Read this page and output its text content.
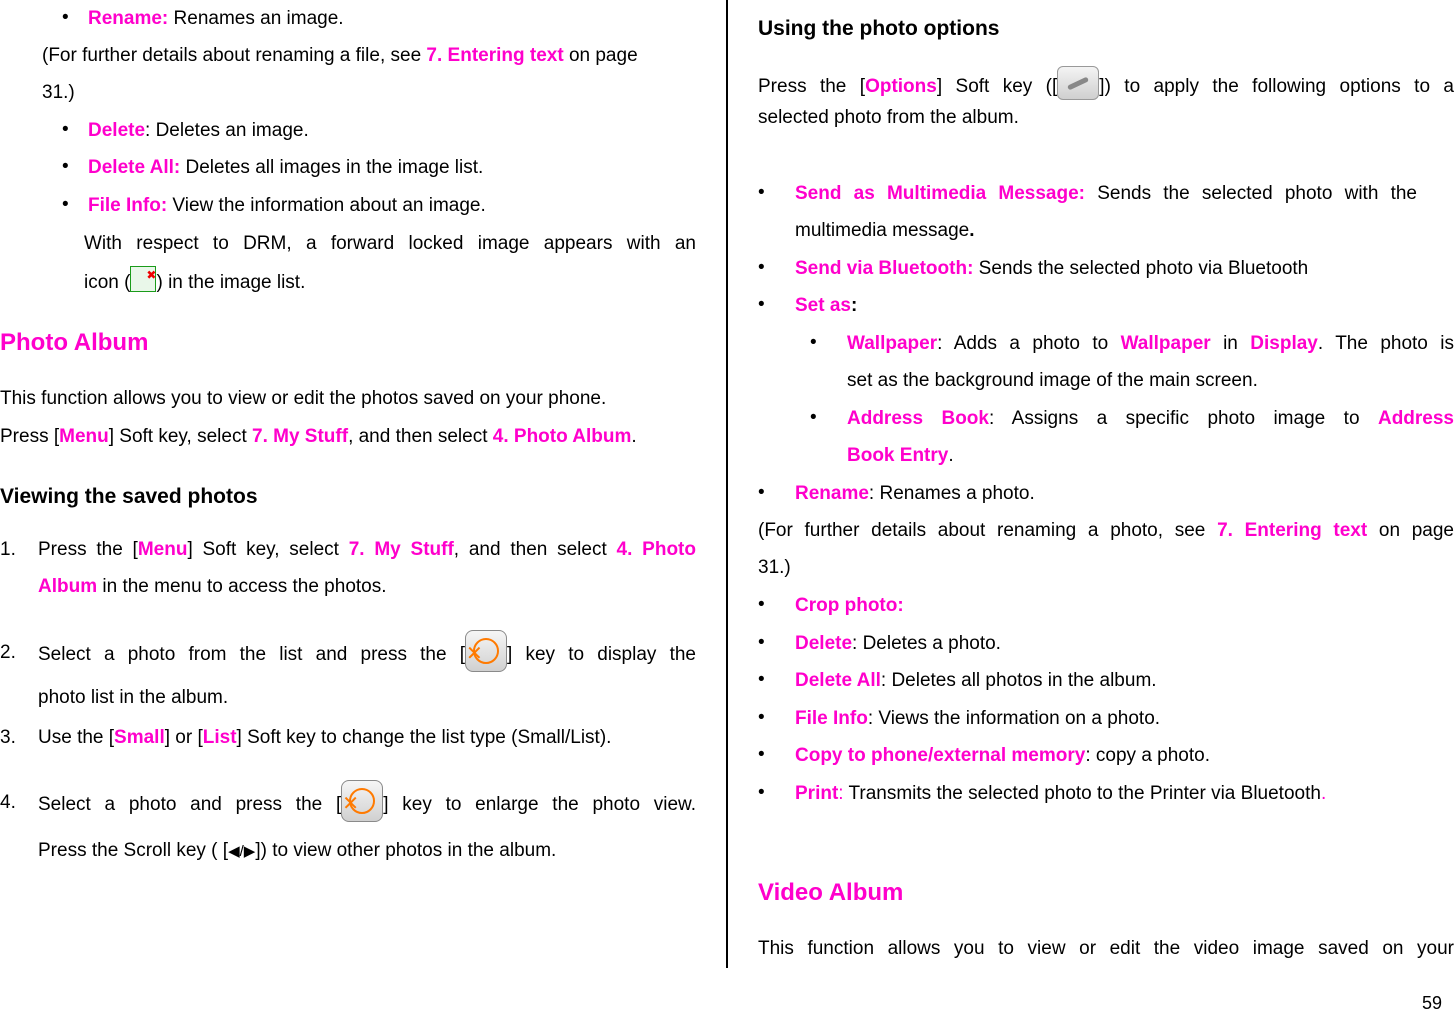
• Rename: Renames an image.
(For further details about renaming a file, see 7. Entering text on page
31.)
• Delete: Deletes an image.
• Delete All: Deletes all images in the image list.
• File Info: View the information about an image.
With respect to DRM, a forward locked image appears with an
icon ( ✖ ) in the image list.
Photo Album
This function allows you to view or edit the photos saved on your phone.
Press [Menu] Soft key, select 7. My Stuff, and then select 4. Photo Album.
Viewing the saved photos
1.	Press the [Menu] Soft key, select 7. My Stuff, and then select 4. Photo
Album in the menu to access the photos.
2.	Select a photo from the list and press the [ ✕ ] key to display the
photo list in the album.
3.	Use the [Small] or [List] Soft key to change the list type (Small/List).
4.	Select a photo and press the [ ✕ ] key to enlarge the photo view.
Press the Scroll key ( [◀/▶]) to view other photos in the album.
Using the photo options
Press the [Options] Soft key ([ ]) to apply the following options to a
selected photo from the album.
• Send as Multimedia Message: Sends the selected photo with the
multimedia message.
• Send via Bluetooth: Sends the selected photo via Bluetooth
• Set as:
• Wallpaper: Adds a photo to Wallpaper in Display. The photo is
set as the background image of the main screen.
• Address Book: Assigns a specific photo image to Address
Book Entry.
• Rename: Renames a photo.
(For further details about renaming a photo, see 7. Entering text on page
31.)
• Crop photo:
• Delete: Deletes a photo.
• Delete All: Deletes all photos in the album.
• File Info: Views the information on a photo.
• Copy to phone/external memory: copy a photo.
• Print: Transmits the selected photo to the Printer via Bluetooth.
Video Album
This function allows you to view or edit the video image saved on your
59
